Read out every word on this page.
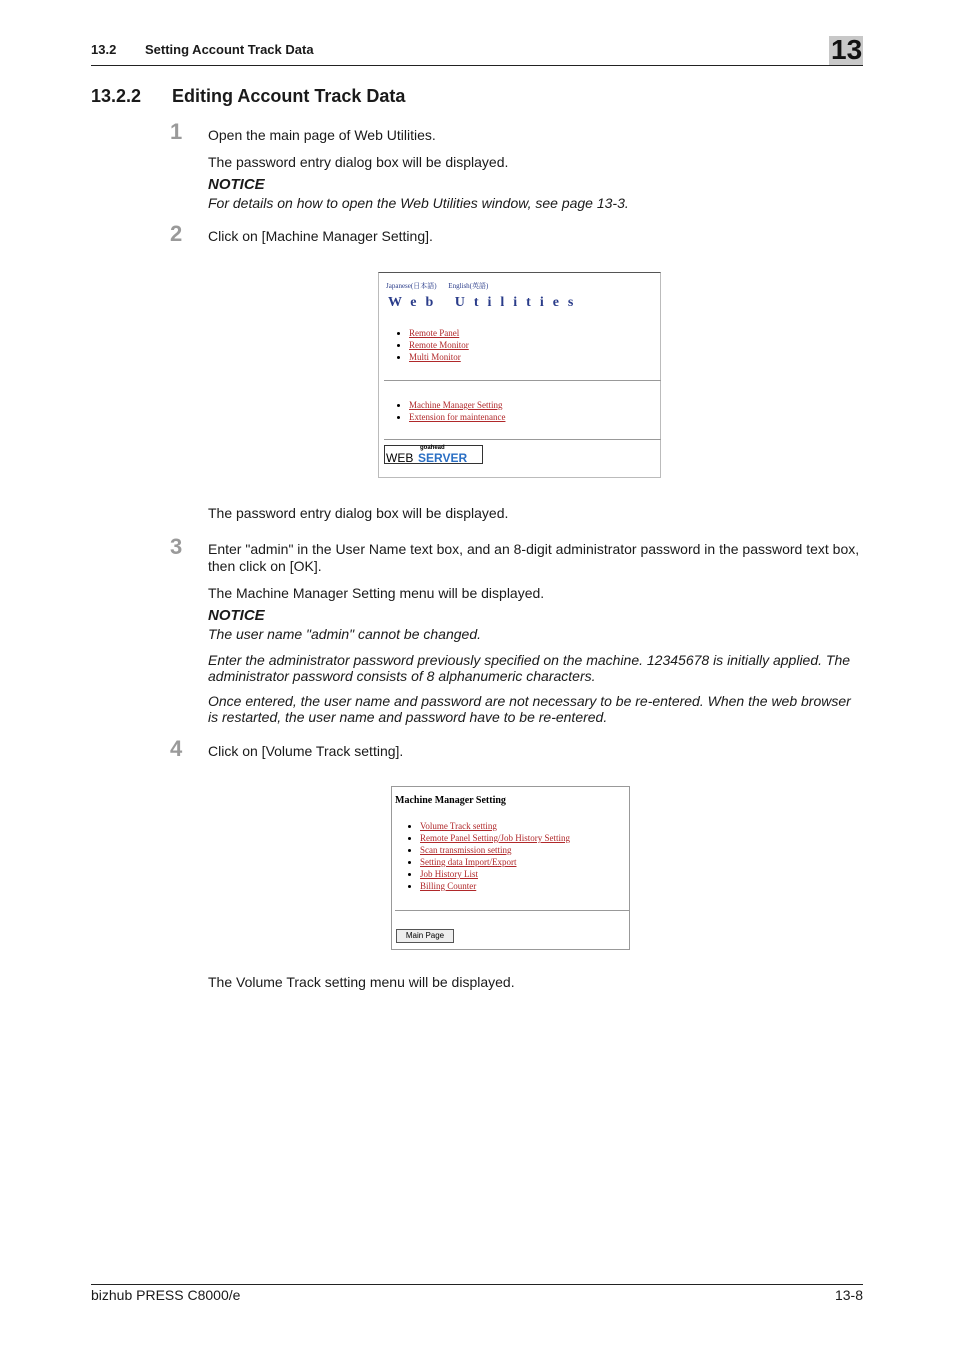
13.2 Setting Account Track Data	13
13.2.2 Editing Account Track Data
1 Open the main page of Web Utilities.
The password entry dialog box will be displayed.
NOTICE
For details on how to open the Web Utilities window, see page 13-3.
2 Click on [Machine Manager Setting].
Japanese(日本語) English(英語)
Web Utilities
• Remote Panel
• Remote Monitor
• Multi Monitor
• Machine Manager Setting
• Extension for maintenance
goahead
WEB SERVER
The password entry dialog box will be displayed.
3 Enter "admin" in the User Name text box, and an 8-digit administrator password in the password text box, then click on [OK].
The Machine Manager Setting menu will be displayed.
NOTICE
The user name "admin" cannot be changed.
Enter the administrator password previously specified on the machine. 12345678 is initially applied. The administrator password consists of 8 alphanumeric characters.
Once entered, the user name and password are not necessary to be re-entered. When the web browser is restarted, the user name and password have to be re-entered.
4 Click on [Volume Track setting].
Machine Manager Setting
• Volume Track setting
• Remote Panel Setting/Job History Setting
• Scan transmission setting
• Setting data Import/Export
• Job History List
• Billing Counter
Main Page
The Volume Track setting menu will be displayed.
bizhub PRESS C8000/e	13-8
